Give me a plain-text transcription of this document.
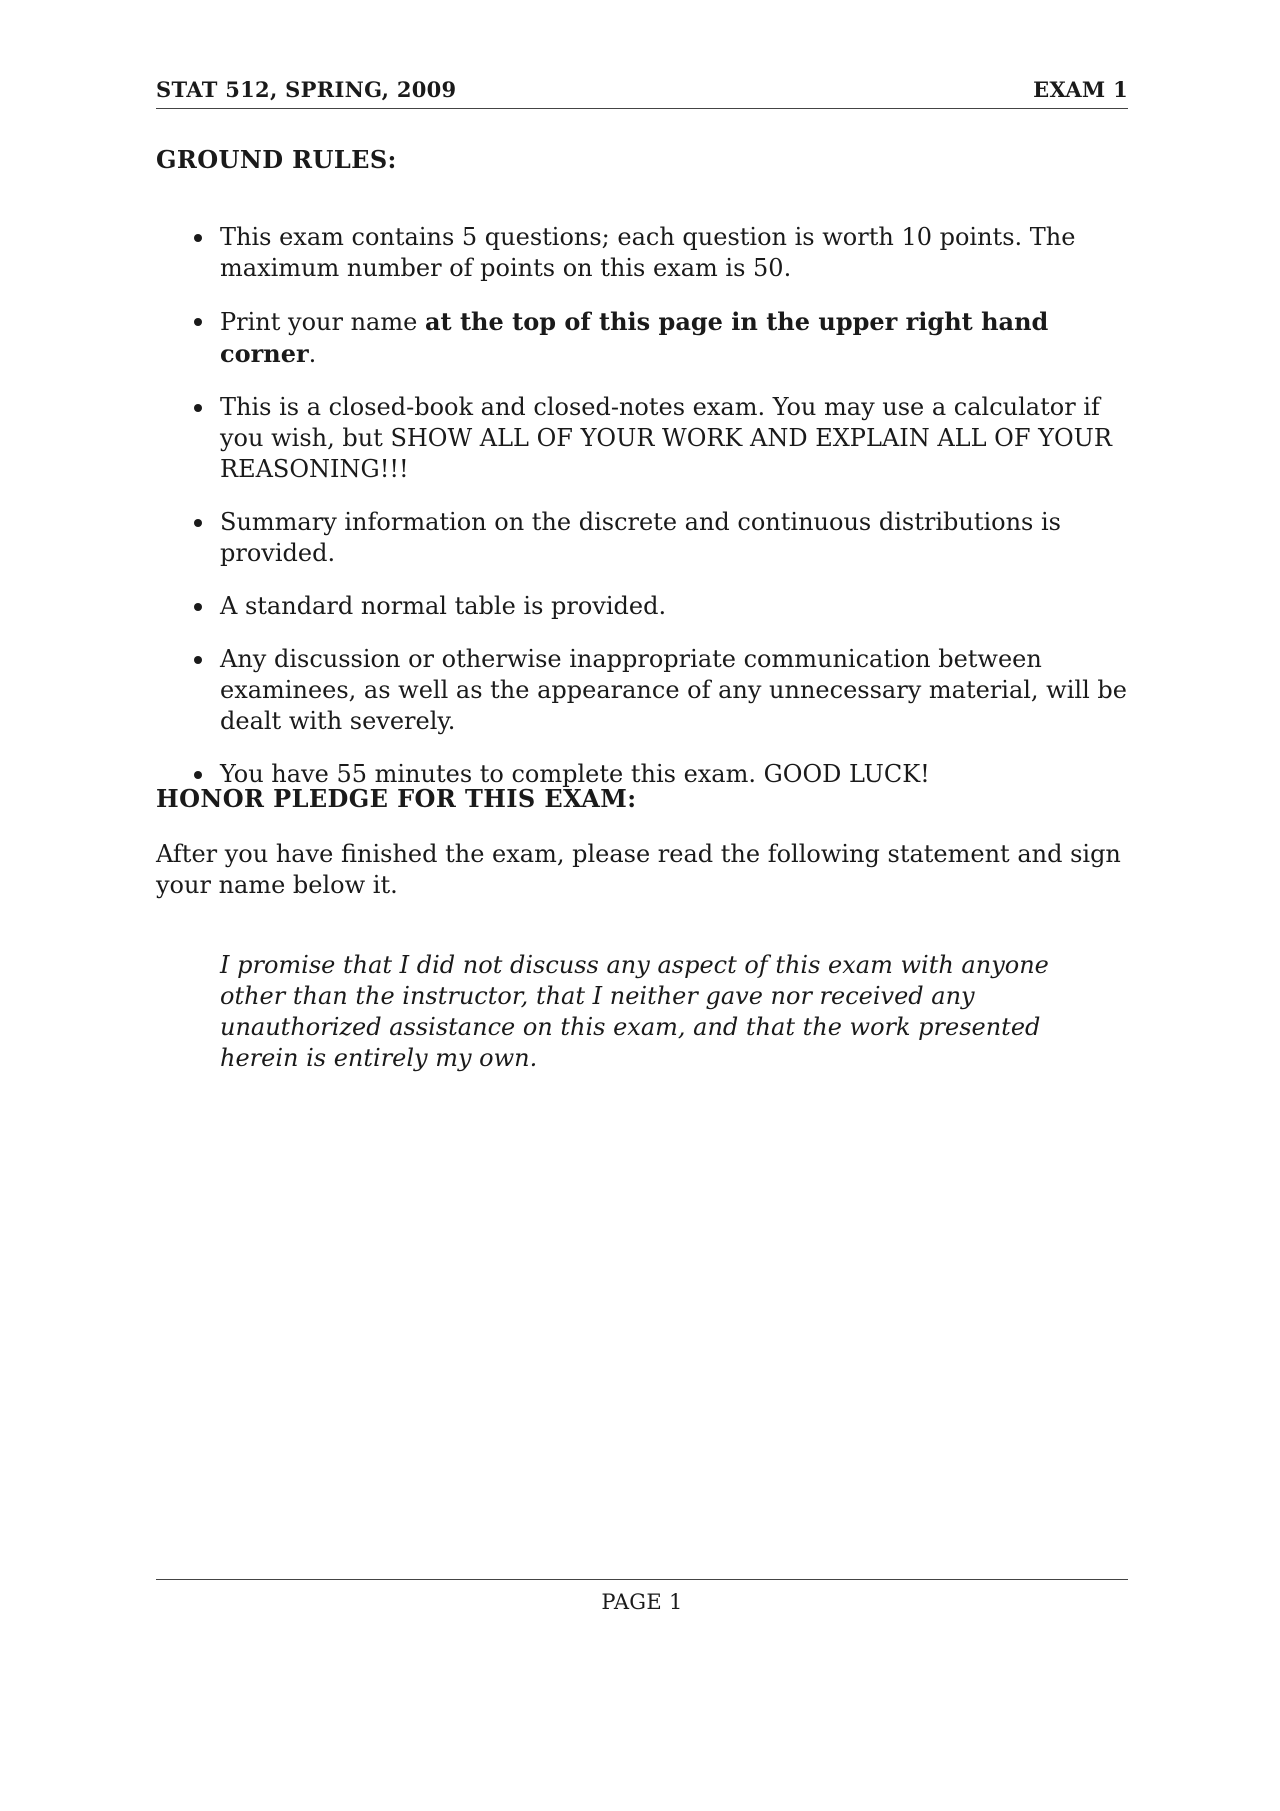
STAT 512, SPRING, 2009	EXAM 1
GROUND RULES:
This exam contains 5 questions; each question is worth 10 points. The maximum number of points on this exam is 50.
Print your name at the top of this page in the upper right hand corner.
This is a closed-book and closed-notes exam. You may use a calculator if you wish, but SHOW ALL OF YOUR WORK AND EXPLAIN ALL OF YOUR REASONING!!!
Summary information on the discrete and continuous distributions is provided.
A standard normal table is provided.
Any discussion or otherwise inappropriate communication between examinees, as well as the appearance of any unnecessary material, will be dealt with severely.
You have 55 minutes to complete this exam. GOOD LUCK!
HONOR PLEDGE FOR THIS EXAM:
After you have finished the exam, please read the following statement and sign your name below it.
I promise that I did not discuss any aspect of this exam with anyone other than the instructor, that I neither gave nor received any unauthorized assistance on this exam, and that the work presented herein is entirely my own.
PAGE 1
